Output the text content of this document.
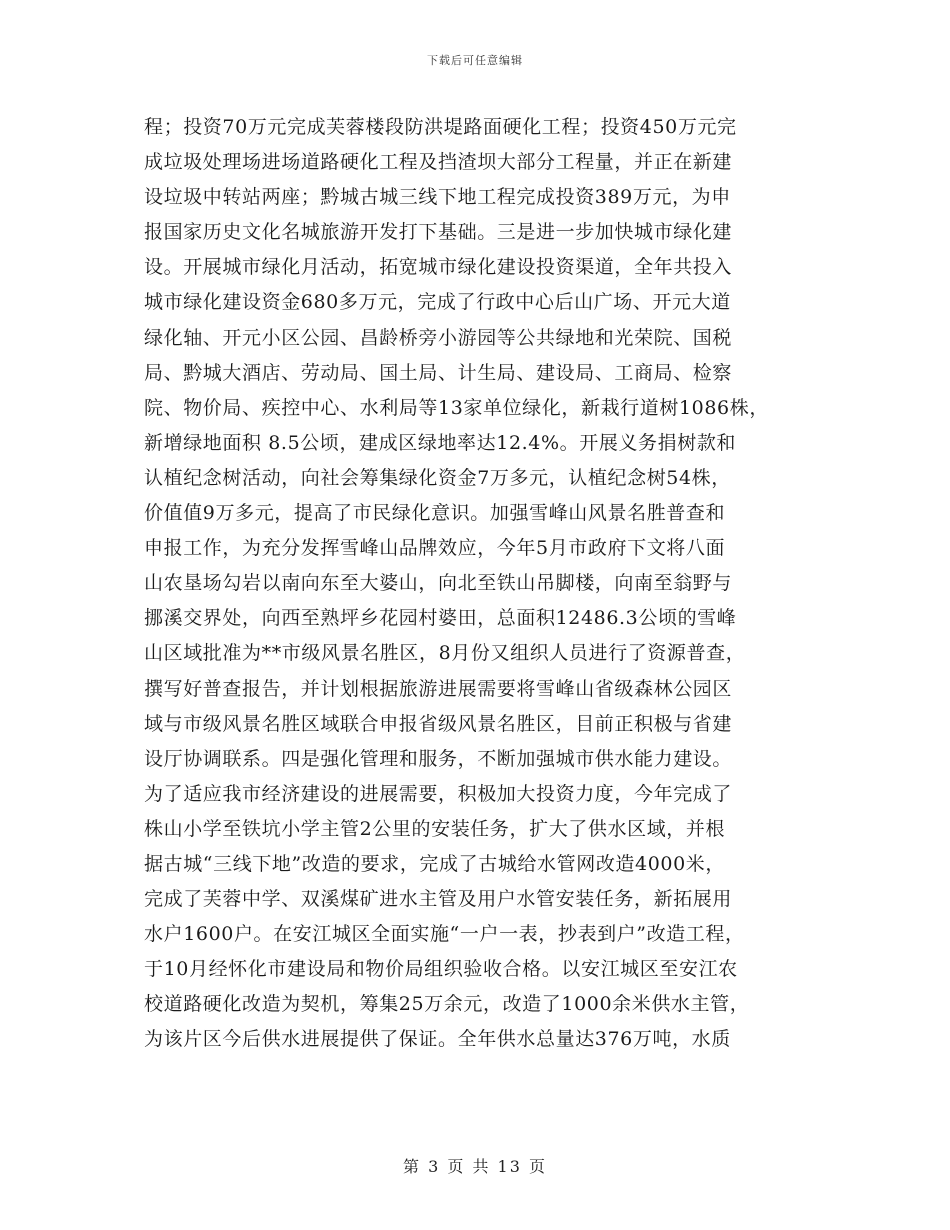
下载后可任意编辑
程；投资70万元完成芙蓉楼段防洪堤路面硬化工程；投资450万元完
成垃圾处理场进场道路硬化工程及挡渣坝大部分工程量，并正在新建
设垃圾中转站两座；黔城古城三线下地工程完成投资389万元，为申
报国家历史文化名城旅游开发打下基础。三是进一步加快城市绿化建
设。开展城市绿化月活动，拓宽城市绿化建设投资渠道，全年共投入
城市绿化建设资金680多万元，完成了行政中心后山广场、开元大道
绿化轴、开元小区公园、昌龄桥旁小游园等公共绿地和光荣院、国税
局、黔城大酒店、劳动局、国土局、计生局、建设局、工商局、检察
院、物价局、疾控中心、水利局等13家单位绿化，新栽行道树1086株，
新增绿地面积 8.5公顷，建成区绿地率达12.4%。开展义务捐树款和
认植纪念树活动，向社会筹集绿化资金7万多元，认植纪念树54株，
价值值9万多元，提高了市民绿化意识。加强雪峰山风景名胜普查和
申报工作，为充分发挥雪峰山品牌效应，今年5月市政府下文将八面
山农垦场勾岩以南向东至大婆山，向北至铁山吊脚楼，向南至翁野与
挪溪交界处，向西至熟坪乡花园村婆田，总面积12486.3公顷的雪峰
山区域批准为**市级风景名胜区，8月份又组织人员进行了资源普查，
撰写好普查报告，并计划根据旅游进展需要将雪峰山省级森林公园区
域与市级风景名胜区域联合申报省级风景名胜区，目前正积极与省建
设厅协调联系。四是强化管理和服务，不断加强城市供水能力建设。
为了适应我市经济建设的进展需要，积极加大投资力度，今年完成了
株山小学至铁坑小学主管2公里的安装任务，扩大了供水区域，并根
据古城“三线下地”改造的要求，完成了古城给水管网改造4000米，
完成了芙蓉中学、双溪煤矿进水主管及用户水管安装任务，新拓展用
水户1600户。在安江城区全面实施“一户一表，抄表到户”改造工程，
于10月经怀化市建设局和物价局组织验收合格。以安江城区至安江农
校道路硬化改造为契机，筹集25万余元，改造了1000余米供水主管，
为该片区今后供水进展提供了保证。全年供水总量达376万吨，水质
第 3 页 共 13 页
